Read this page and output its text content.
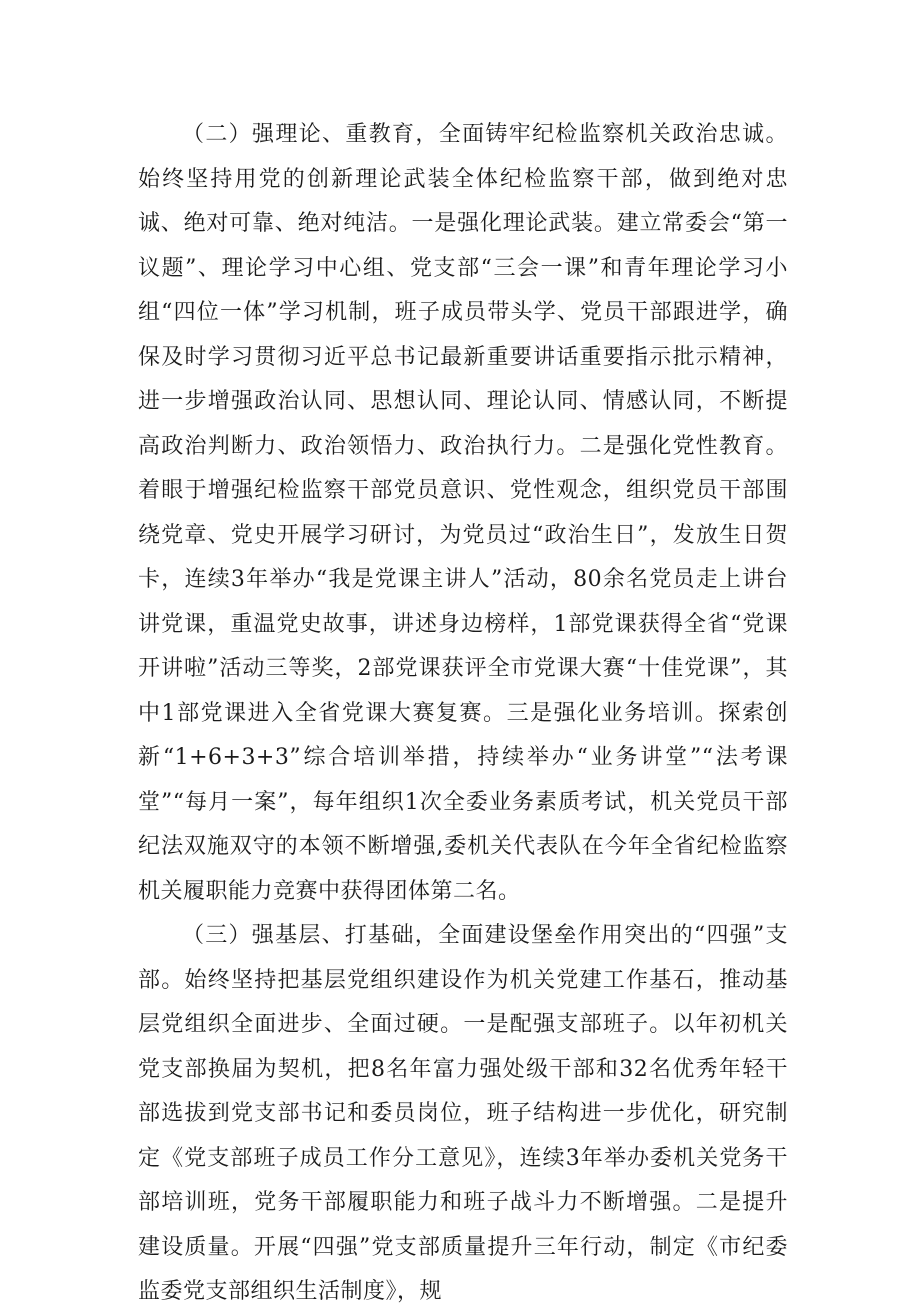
（二）强理论、重教育，全面铸牢纪检监察机关政治忠诚。始终坚持用党的创新理论武装全体纪检监察干部，做到绝对忠诚、绝对可靠、绝对纯洁。一是强化理论武装。建立常委会“第一议题”、理论学习中心组、党支部“三会一课”和青年理论学习小组“四位一体”学习机制，班子成员带头学、党员干部跟进学，确保及时学习贯彻习近平总书记最新重要讲话重要指示批示精神，进一步增强政治认同、思想认同、理论认同、情感认同，不断提高政治判断力、政治领悟力、政治执行力。二是强化党性教育。着眼于增强纪检监察干部党员意识、党性观念，组织党员干部围绕党章、党史开展学习研讨，为党员过“政治生日”，发放生日贺卡，连续3年举办“我是党课主讲人”活动，80余名党员走上讲台讲党课，重温党史故事，讲述身边榜样，1部党课获得全省“党课开讲啦”活动三等奖，2部党课获评全市党课大赛“十佳党课”，其中1部党课进入全省党课大赛复赛。三是强化业务培训。探索创新“1+6+3+3”综合培训举措，持续举办“业务讲堂”“法考课堂”“每月一案”，每年组织1次全委业务素质考试，机关党员干部纪法双施双守的本领不断增强,委机关代表队在今年全省纪检监察机关履职能力竞赛中获得团体第二名。

（三）强基层、打基础，全面建设堡垒作用突出的“四强”支部。始终坚持把基层党组织建设作为机关党建工作基石，推动基层党组织全面进步、全面过硬。一是配强支部班子。以年初机关党支部换届为契机，把8名年富力强处级干部和32名优秀年轻干部选拔到党支部书记和委员岗位，班子结构进一步优化，研究制定《党支部班子成员工作分工意见》，连续3年举办委机关党务干部培训班，党务干部履职能力和班子战斗力不断增强。二是提升建设质量。开展“四强”党支部质量提升三年行动，制定《市纪委监委党支部组织生活制度》，规
